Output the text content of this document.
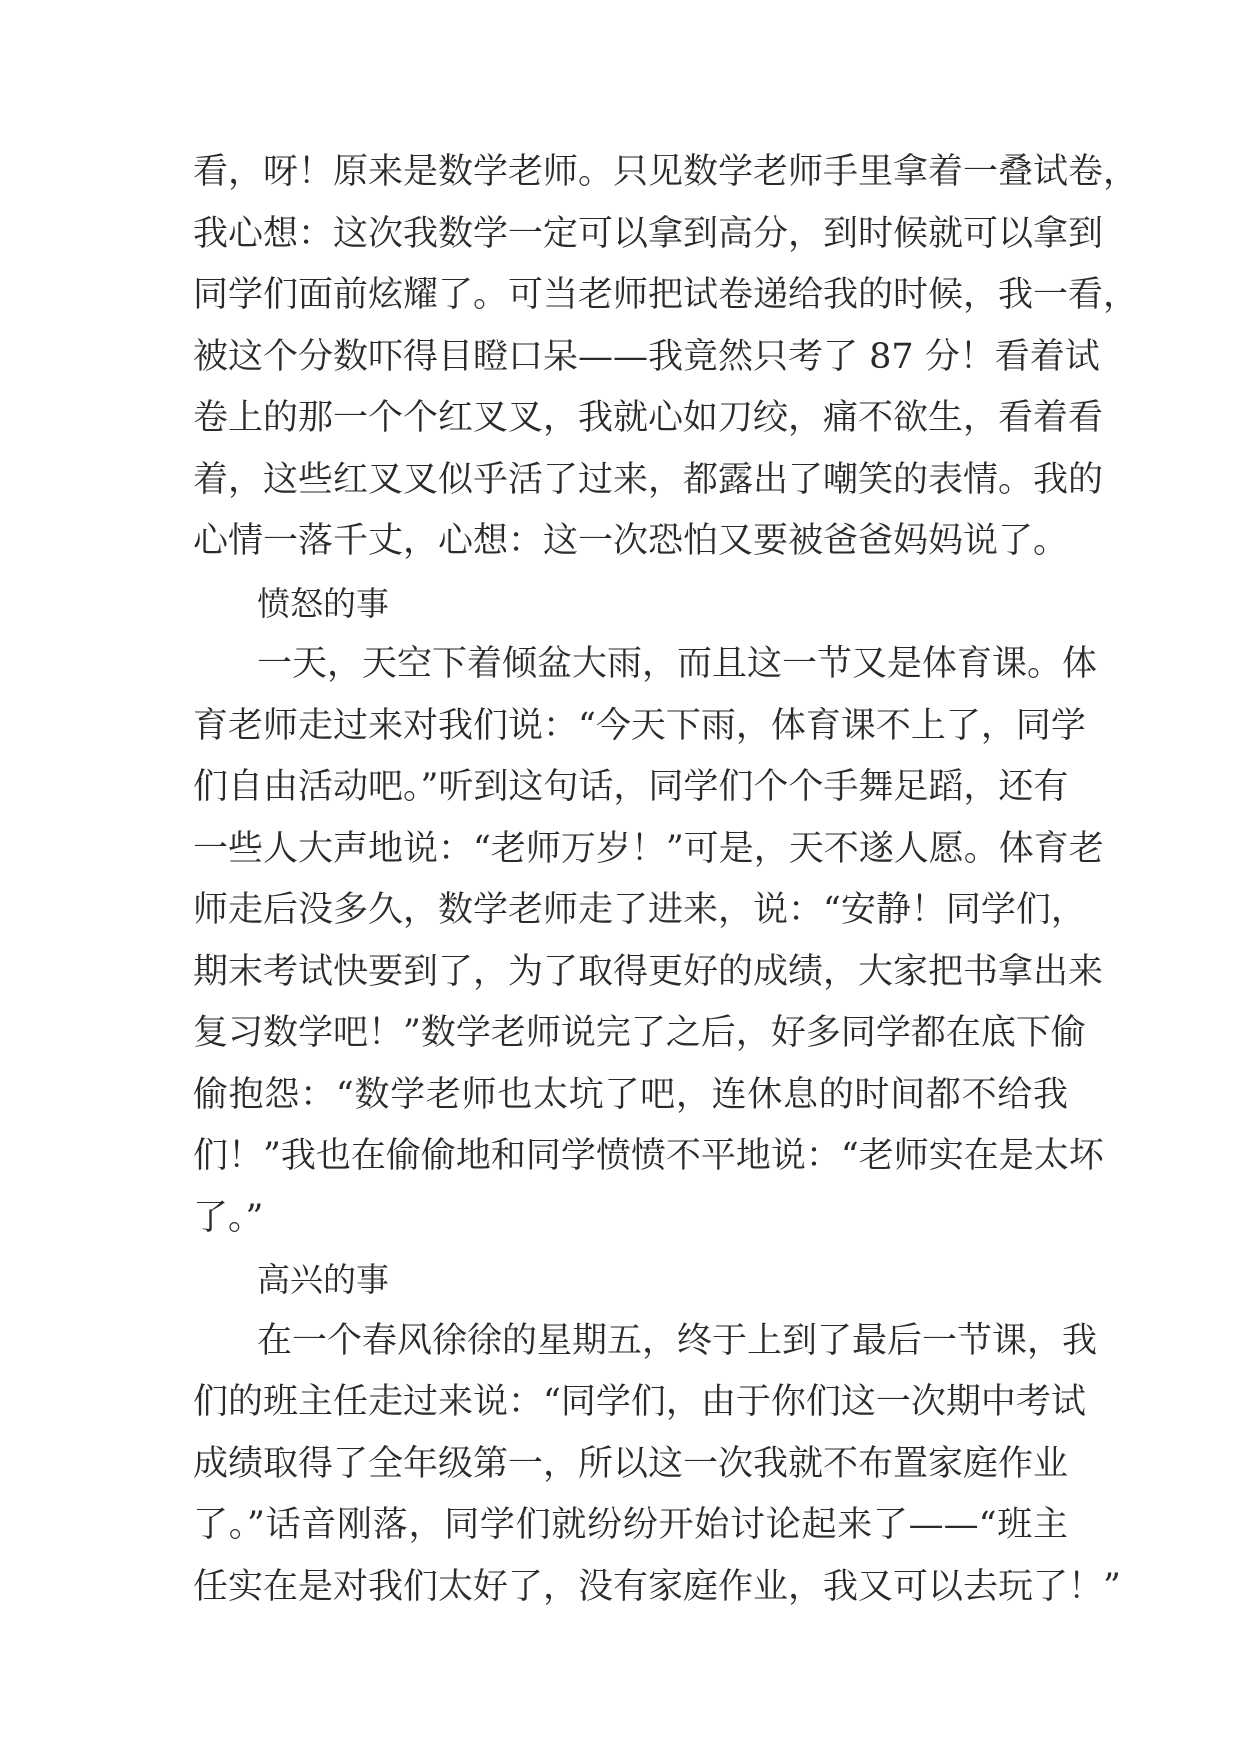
看，呀！原来是数学老师。只见数学老师手里拿着一叠试卷，
我心想：这次我数学一定可以拿到高分，到时候就可以拿到
同学们面前炫耀了。可当老师把试卷递给我的时候，我一看，
被这个分数吓得目瞪口呆——我竟然只考了 87 分！看着试
卷上的那一个个红叉叉，我就心如刀绞，痛不欲生，看着看
着，这些红叉叉似乎活了过来，都露出了嘲笑的表情。我的
心情一落千丈，心想：这一次恐怕又要被爸爸妈妈说了。
愤怒的事
一天，天空下着倾盆大雨，而且这一节又是体育课。体
育老师走过来对我们说：“今天下雨，体育课不上了，同学
们自由活动吧。”听到这句话，同学们个个手舞足蹈，还有
一些人大声地说：“老师万岁！”可是，天不遂人愿。体育老
师走后没多久，数学老师走了进来，说：“安静！同学们，
期末考试快要到了，为了取得更好的成绩，大家把书拿出来
复习数学吧！”数学老师说完了之后，好多同学都在底下偷
偷抱怨：“数学老师也太坑了吧，连休息的时间都不给我
们！”我也在偷偷地和同学愤愤不平地说：“老师实在是太坏
了。”
高兴的事
在一个春风徐徐的星期五，终于上到了最后一节课，我
们的班主任走过来说：“同学们，由于你们这一次期中考试
成绩取得了全年级第一，所以这一次我就不布置家庭作业
了。”话音刚落，同学们就纷纷开始讨论起来了——“班主
任实在是对我们太好了，没有家庭作业，我又可以去玩了！”
